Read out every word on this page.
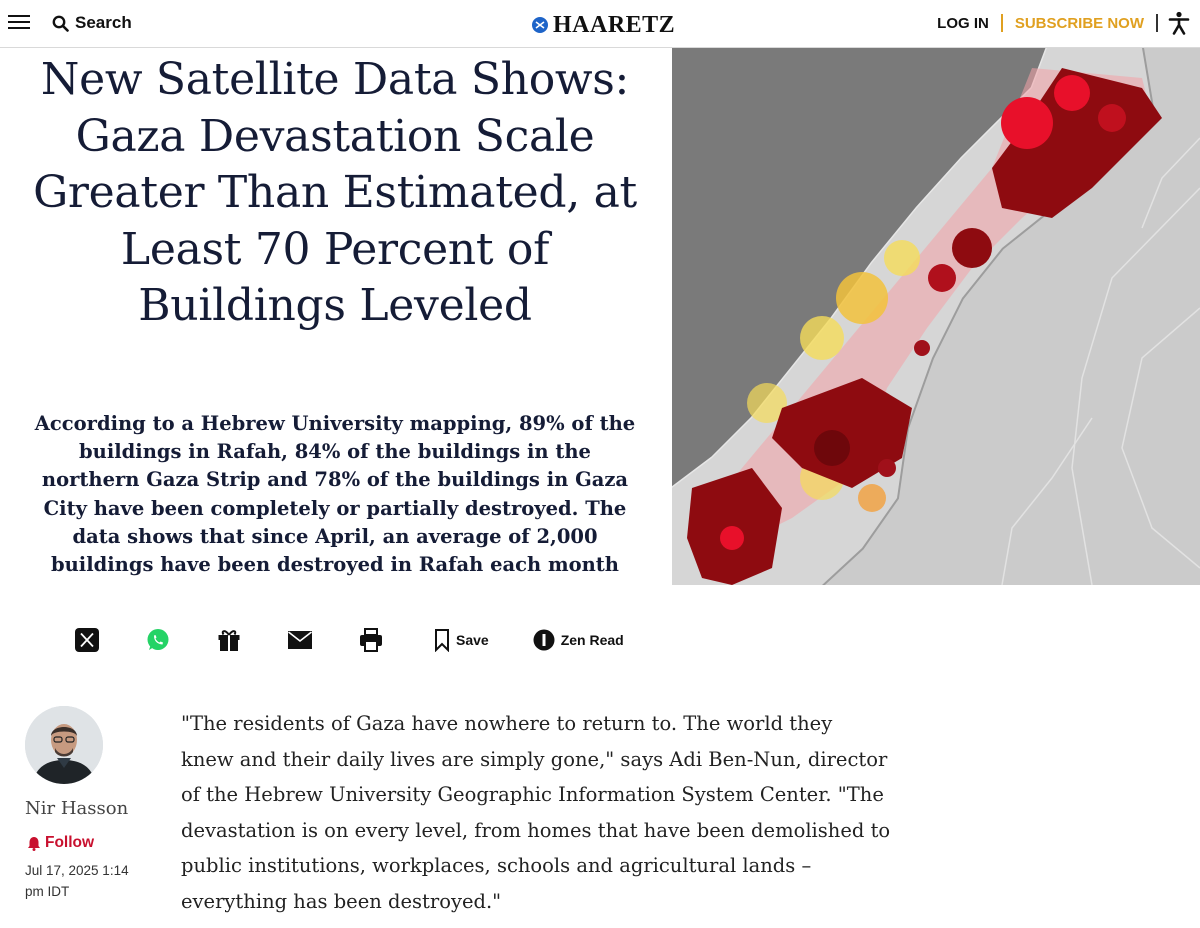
Search	HAARETZ	LOG IN SUBSCRIBE NOW
New Satellite Data Shows: Gaza Devastation Scale Greater Than Estimated, at Least 70 Percent of Buildings Leveled

According to a Hebrew University mapping, 89% of the buildings in Rafah, 84% of the buildings in the northern Gaza Strip and 78% of the buildings in Gaza City have been completely or partially destroyed. The data shows that since April, an average of 2,000 buildings have been destroyed in Rafah each month

Save	Zen Read
Nir Hasson
Follow
Jul 17, 2025 1:14 pm IDT

"The residents of Gaza have nowhere to return to. The world they knew and their daily lives are simply gone," says Adi Ben-Nun, director of the Hebrew University Geographic Information System Center. "The devastation is on every level, from homes that have been demolished to public institutions, workplaces, schools and agricultural lands – everything has been destroyed."
